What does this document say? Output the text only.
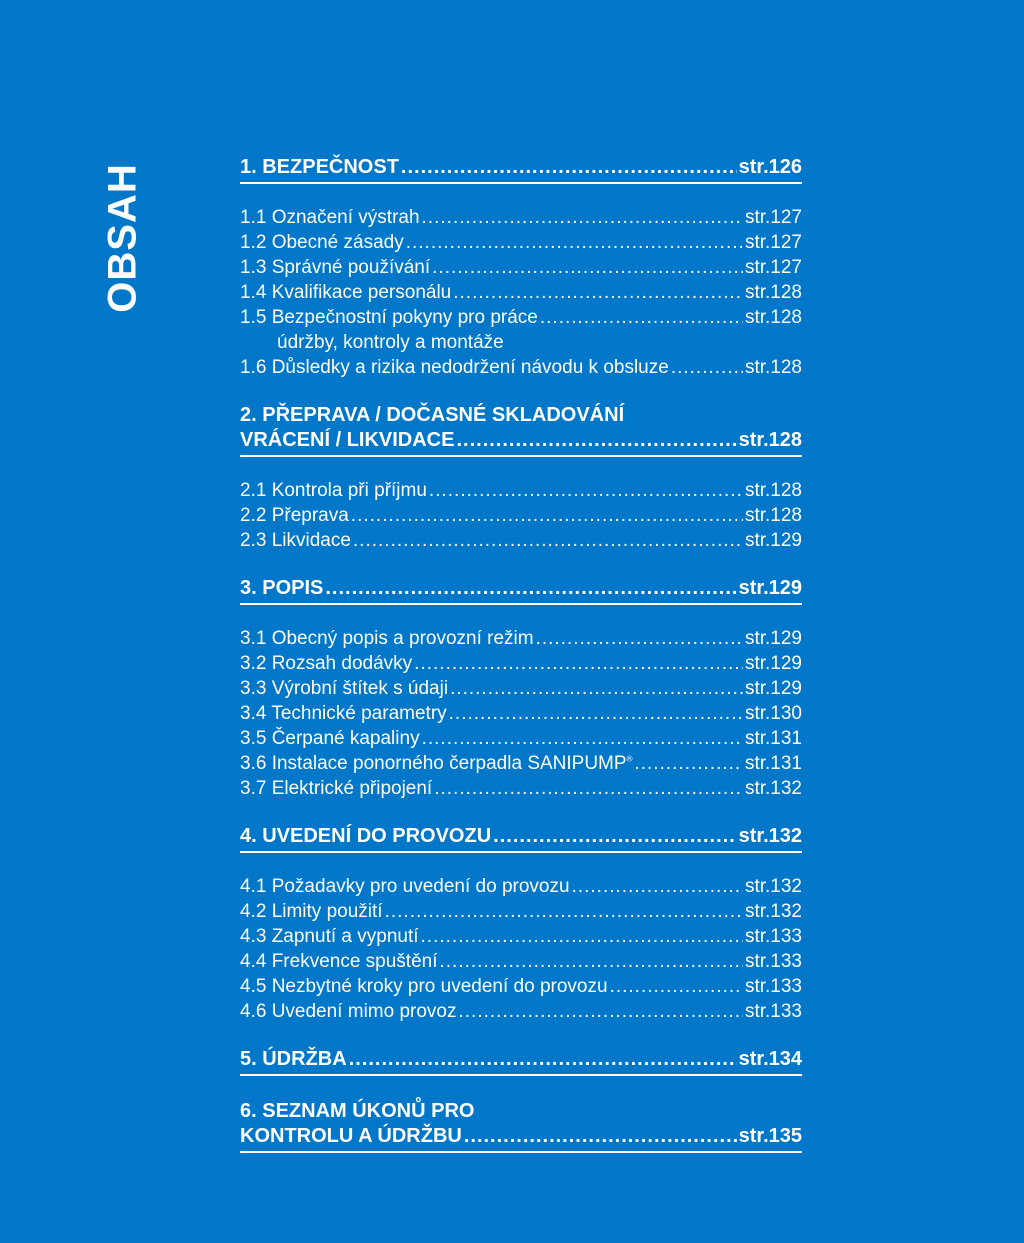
OBSAH	1. BEZPEČNOST .....	str.126
1.1 Označení výstrah .....	str.127
1.2 Obecné zásady .....	str.127
1.3 Správné používání .....	str.127
1.4 Kvalifikace personálu .....	str.128
1.5 Bezpečnostní pokyny pro práce .....	str.128
údržby, kontroly a montáže
1.6 Důsledky a rizika nedodržení návodu k obsluze .....	str.128
2. PŘEPRAVA / DOČASNÉ SKLADOVÁNÍ
VRÁCENÍ / LIKVIDACE .....	str.128
2.1 Kontrola při příjmu .....	str.128
2.2 Přeprava .....	str.128
2.3 Likvidace .....	str.129
3. POPIS .....	str.129
3.1 Obecný popis a provozní režim .....	str.129
3.2 Rozsah dodávky .....	str.129
3.3 Výrobní štítek s údaji .....	str.129
3.4 Technické parametry .....	str.130
3.5 Čerpané kapaliny .....	str.131
3.6 Instalace ponorného čerpadla SANIPUMP® .....	str.131
3.7 Elektrické připojení .....	str.132
4. UVEDENÍ DO PROVOZU .....	str.132
4.1 Požadavky pro uvedení do provozu .....	str.132
4.2 Limity použití .....	str.132
4.3 Zapnutí a vypnutí .....	str.133
4.4 Frekvence spuštění .....	str.133
4.5 Nezbytné kroky pro uvedení do provozu .....	str.133
4.6 Uvedení mimo provoz .....	str.133
5. ÚDRŽBA .....	str.134
6. SEZNAM ÚKONŮ PRO
KONTROLU A ÚDRŽBU .....	str.135
